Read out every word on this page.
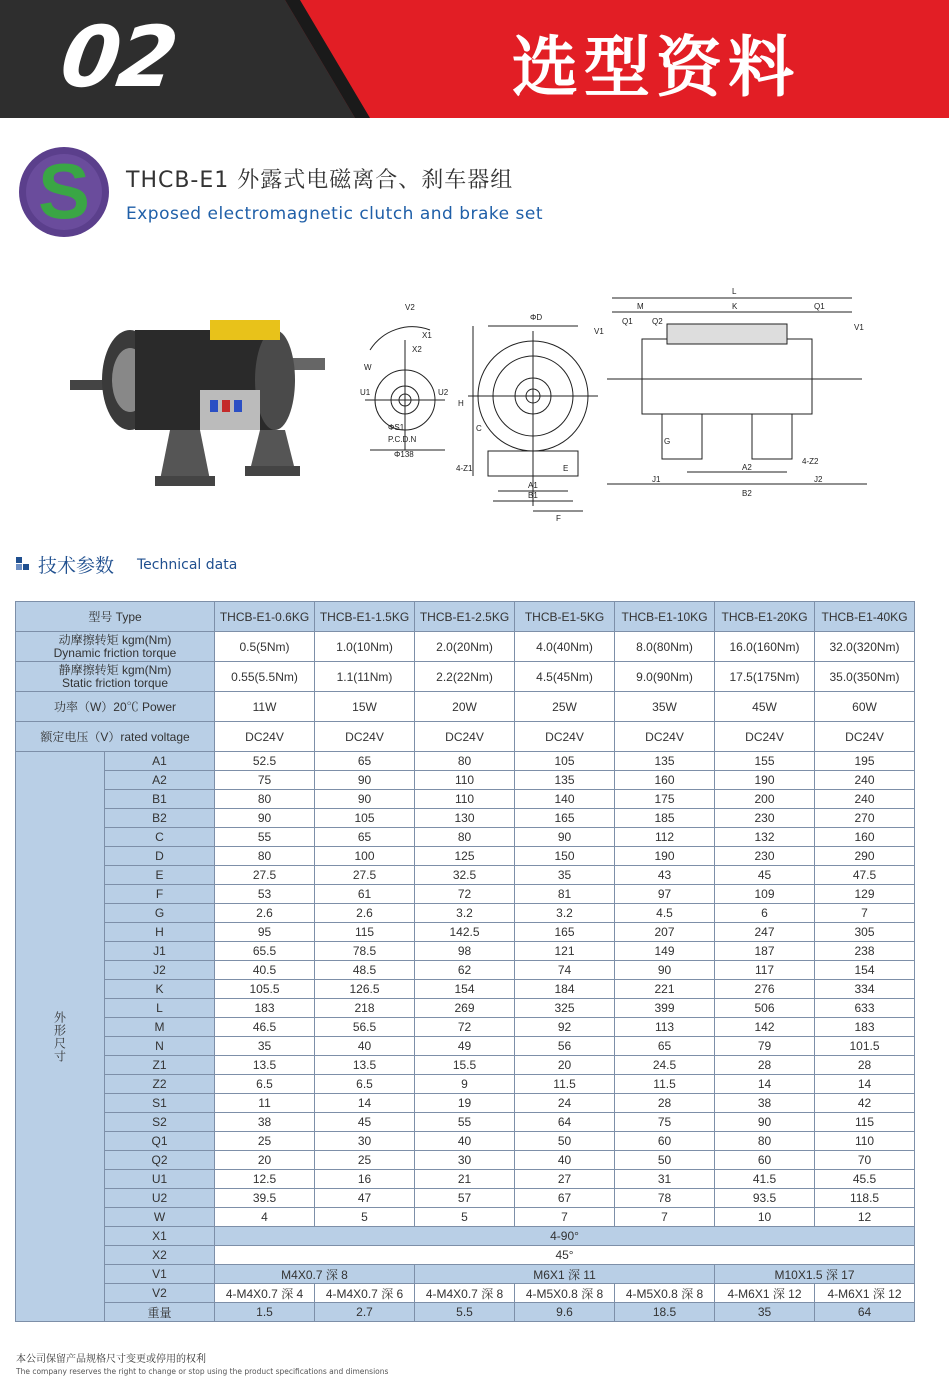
02	选型资料
S THCB-E1 外露式电磁离合、刹车器组
Exposed electromagnetic clutch and brake set
V2
X1
X2
W
U1	U2
ΦS1
P.C.D.N
Φ138
ΦD
H
C
4-Z1	E
A1
B1
F
L
M	K	Q1
Q1 Q2
V1	V1
G
J1
A2
B2
J2
4-Z2
技术参数 Technical data
型号 Type		THCB-E1-0.6KG	THCB-E1-1.5KG	THCB-E1-2.5KG	THCB-E1-5KG	THCB-E1-10KG	THCB-E1-20KG	THCB-E1-40KG

动摩擦转矩 kgm(Nm)
Dynamic friction torque		0.5(5Nm)	1.0(10Nm)	2.0(20Nm)	4.0(40Nm)	8.0(80Nm)	16.0(160Nm)	32.0(320Nm)

静摩擦转矩 kgm(Nm)
Static friction torque		0.55(5.5Nm)	1.1(11Nm)	2.2(22Nm)	4.5(45Nm)	9.0(90Nm)	17.5(175Nm)	35.0(350Nm)
功率（W）20℃ Power		11W	15W	20W	25W	35W	45W	60W
额定电压（V）rated voltage		DC24V	DC24V	DC24V	DC24V	DC24V	DC24V	DC24V
外形尺寸	A1	52.5	65	80	105	135	155	195
	A2	75	90	110	135	160	190	240
	B1	80	90	110	140	175	200	240
	B2	90	105	130	165	185	230	270
	C	55	65	80	90	112	132	160
	D	80	100	125	150	190	230	290
	E	27.5	27.5	32.5	35	43	45	47.5
	F	53	61	72	81	97	109	129
	G	2.6	2.6	3.2	3.2	4.5	6	7
	H	95	115	142.5	165	207	247	305
	J1	65.5	78.5	98	121	149	187	238
	J2	40.5	48.5	62	74	90	117	154
	K	105.5	126.5	154	184	221	276	334
	L	183	218	269	325	399	506	633
	M	46.5	56.5	72	92	113	142	183
	N	35	40	49	56	65	79	101.5
	Z1	13.5	13.5	15.5	20	24.5	28	28
	Z2	6.5	6.5	9	11.5	11.5	14	14
	S1	11	14	19	24	28	38	42
	S2	38	45	55	64	75	90	115
	Q1	25	30	40	50	60	80	110
	Q2	20	25	30	40	50	60	70
	U1	12.5	16	21	27	31	41.5	45.5
	U2	39.5	47	57	67	78	93.5	118.5
	W	4	5	5	7	7	10	12
	X1	4-90°						
	X2	45°						
	V1	M4X0.7 深 8		M6X1 深 11			M10X1.5 深 17	
	V2	4-M4X0.7 深 4	4-M4X0.7 深 6	4-M4X0.7 深 8	4-M5X0.8 深 8	4-M5X0.8 深 8	4-M6X1 深 12	4-M6X1 深 12
	重量	1.5	2.7	5.5	9.6	18.5	35	64
本公司保留产品规格尺寸变更或停用的权利
The company reserves the right to change or stop using the product specifications and dimensions
